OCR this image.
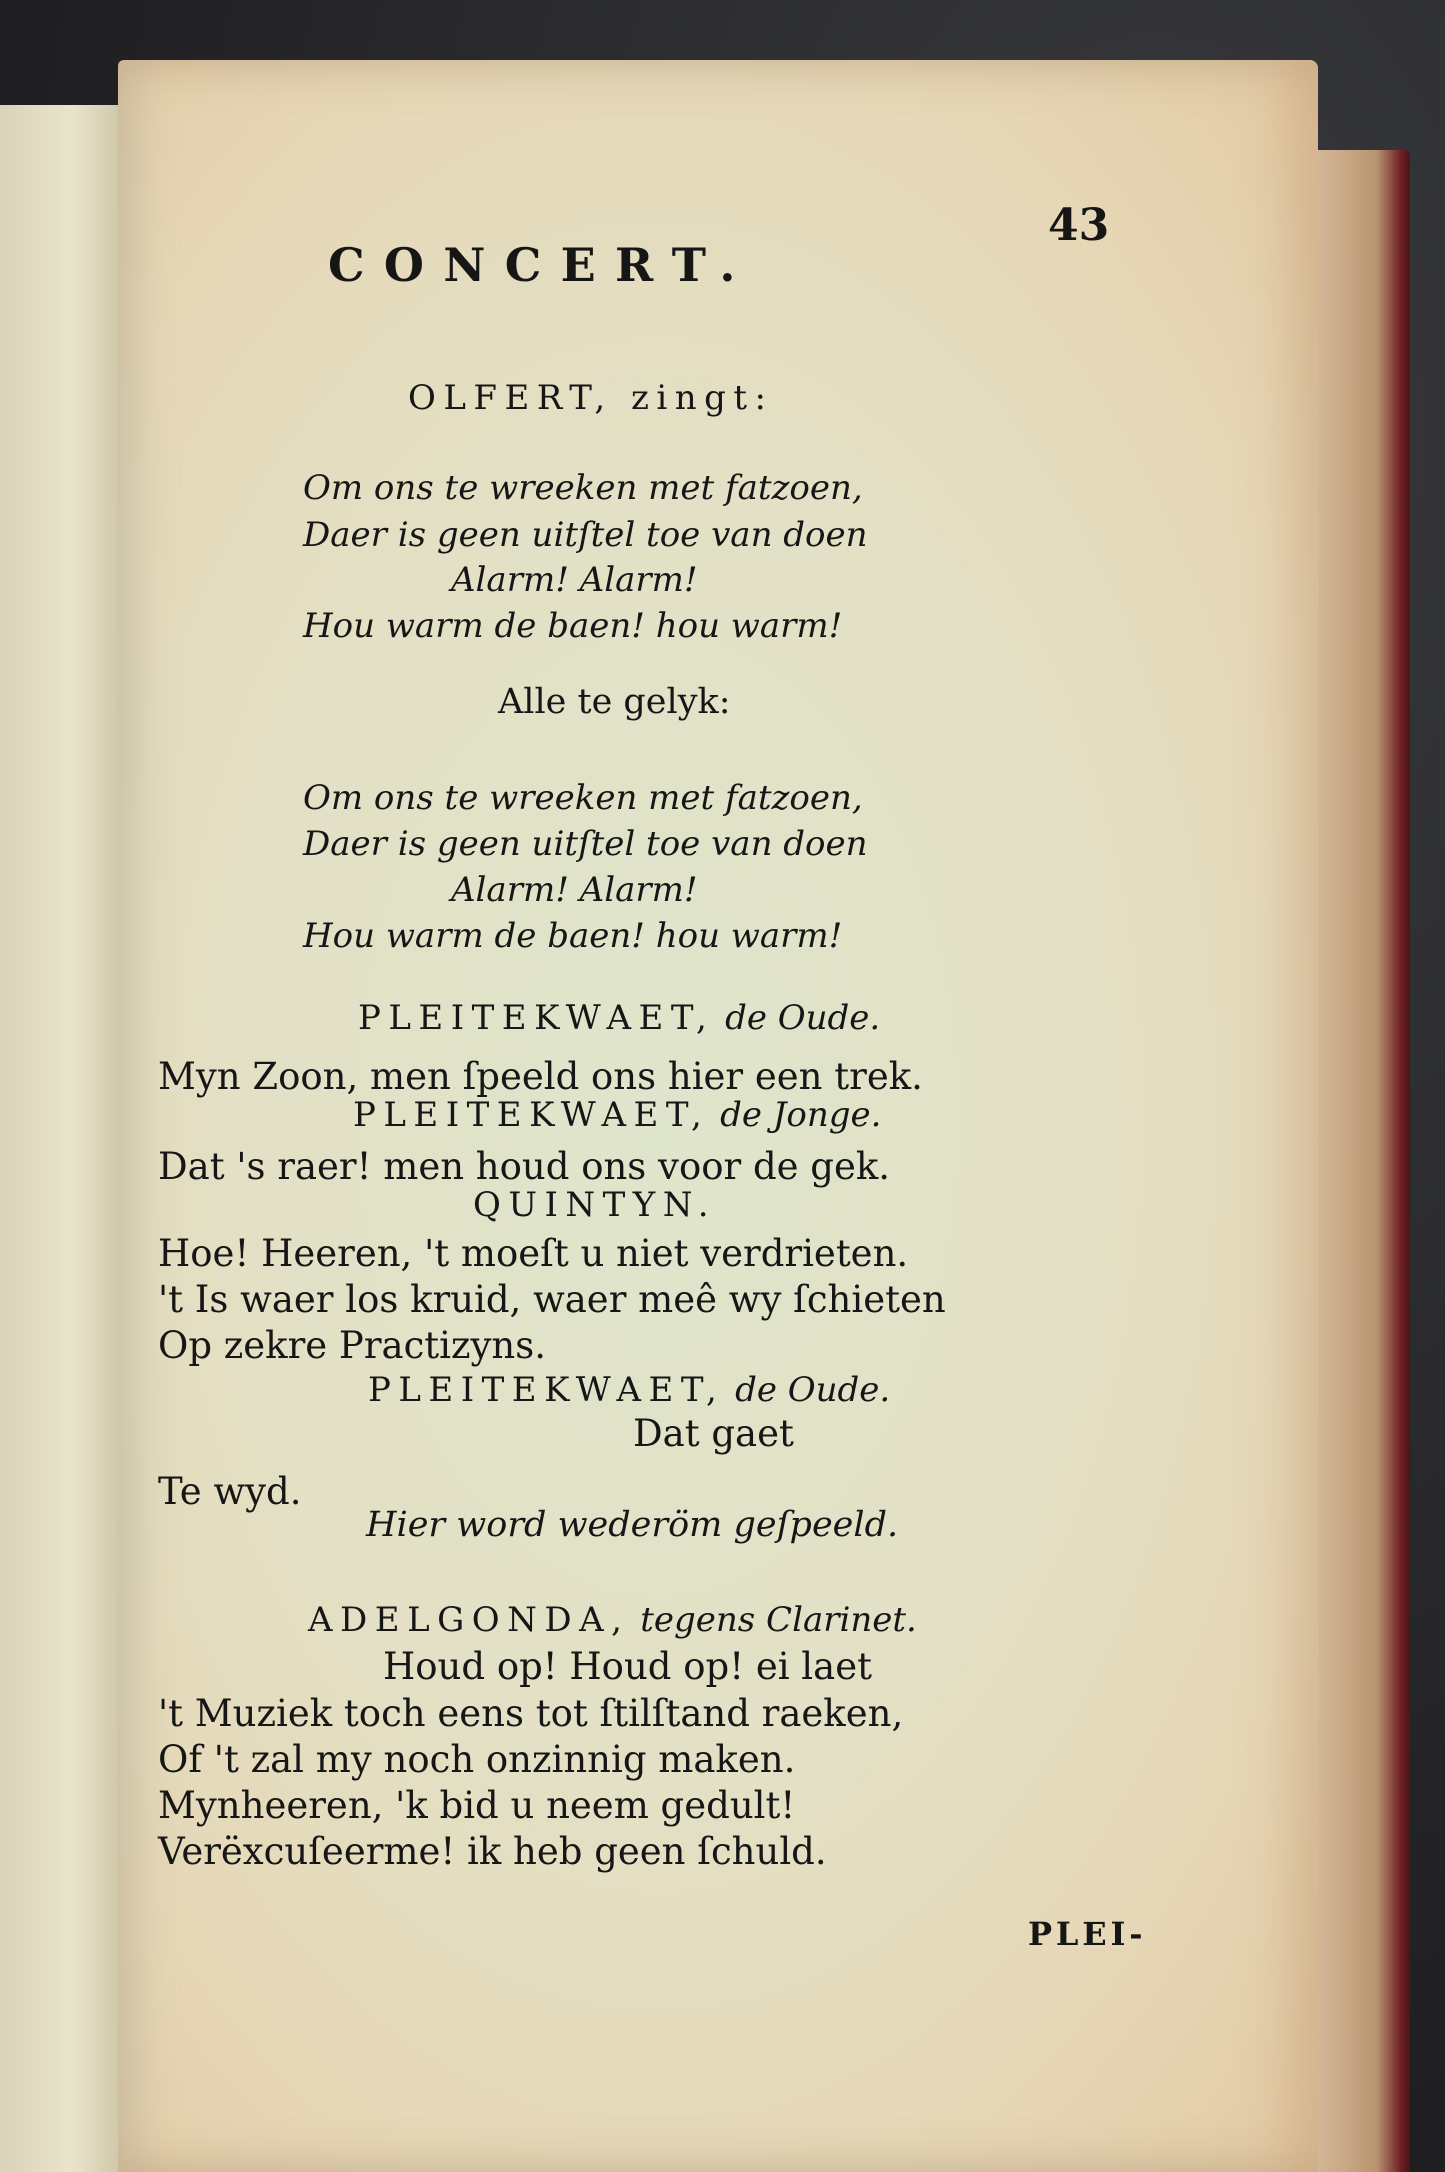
CONCERT.
43
OLFERT, zingt:
Om ons te wreeken met fatzoen,
Daer is geen uitſtel toe van doen
Alarm! Alarm!
Hou warm de baen! hou warm!
Alle te gelyk:
Om ons te wreeken met fatzoen,
Daer is geen uitſtel toe van doen
Alarm! Alarm!
Hou warm de baen! hou warm!
PLEITEKWAET, de Oude.
Myn Zoon, men ſpeeld ons hier een trek.
PLEITEKWAET, de Jonge.
Dat 's raer! men houd ons voor de gek.
QUINTYN.
Hoe! Heeren, 't moeſt u niet verdrieten.
't Is waer los kruid, waer meê wy ſchieten
Op zekre Practizyns.
PLEITEKWAET, de Oude.
Dat gaet
Te wyd.
Hier word wederöm geſpeeld.
ADELGONDA, tegens Clarinet.
Houd op! Houd op! ei laet
't Muziek toch eens tot ſtilſtand raeken,
Of 't zal my noch onzinnig maken.
Mynheeren, 'k bid u neem gedult!
Verëxcuſeerme! ik heb geen ſchuld.
PLEI-
